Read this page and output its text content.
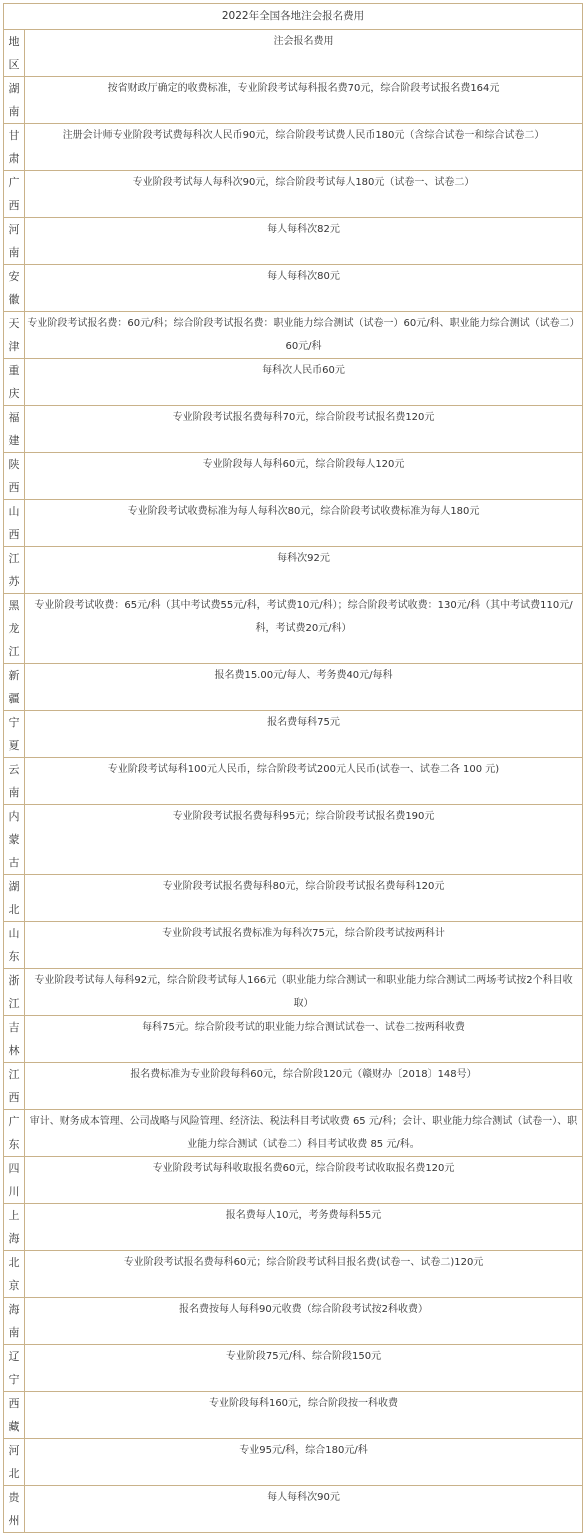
2022年全国各地注会报名费用	
地区	注会报名费用
湖南	按省财政厅确定的收费标准，专业阶段考试每科报名费70元，综合阶段考试报名费164元
甘肃	注册会计师专业阶段考试费每科次人民币90元，综合阶段考试费人民币180元（含综合试卷一和综合试卷二）
广西	专业阶段考试每人每科次90元，综合阶段考试每人180元（试卷一、试卷二）
河南	每人每科次82元
安徽	每人每科次80元
天津	专业阶段考试报名费：60元/科；综合阶段考试报名费：职业能力综合测试（试卷一）60元/科、职业能力综合测试（试卷二）60元/科
重庆	每科次人民币60元
福建	专业阶段考试报名费每科70元，综合阶段考试报名费120元
陕西	专业阶段每人每科60元，综合阶段每人120元
山西	专业阶段考试收费标准为每人每科次80元，综合阶段考试收费标准为每人180元
江苏	每科次92元
黑龙江	专业阶段考试收费：65元/科（其中考试费55元/科，考试费10元/科）；综合阶段考试收费：130元/科（其中考试费110元/科，考试费20元/科）
新疆	报名费15.00元/每人、考务费40元/每科
宁夏	报名费每科75元
云南	专业阶段考试每科100元人民币，综合阶段考试200元人民币(试卷一、试卷二各 100 元)
内蒙古	专业阶段考试报名费每科95元；综合阶段考试报名费190元
湖北	专业阶段考试报名费每科80元，综合阶段考试报名费每科120元
山东	专业阶段考试报名费标准为每科次75元，综合阶段考试按两科计
浙江	专业阶段考试每人每科92元，综合阶段考试每人166元（职业能力综合测试一和职业能力综合测试二两场考试按2个科目收取）
吉林	每科75元。综合阶段考试的职业能力综合测试试卷一、试卷二按两科收费
江西	报名费标准为专业阶段每科60元，综合阶段120元（赣财办〔2018〕148号）
广东	审计、财务成本管理、公司战略与风险管理、经济法、税法科目考试收费 65 元/科；会计、职业能力综合测试（试卷一）、职业能力综合测试（试卷二）科目考试收费 85 元/科。
四川	专业阶段考试每科收取报名费60元，综合阶段考试收取报名费120元
上海	报名费每人10元，考务费每科55元
北京	专业阶段考试报名费每科60元；综合阶段考试科目报名费(试卷一、试卷二)120元
海南	报名费按每人每科90元收费（综合阶段考试按2科收费）
辽宁	专业阶段75元/科、综合阶段150元
西藏	专业阶段每科160元，综合阶段按一科收费
河北	专业95元/科，综合180元/科
贵州	每人每科次90元
